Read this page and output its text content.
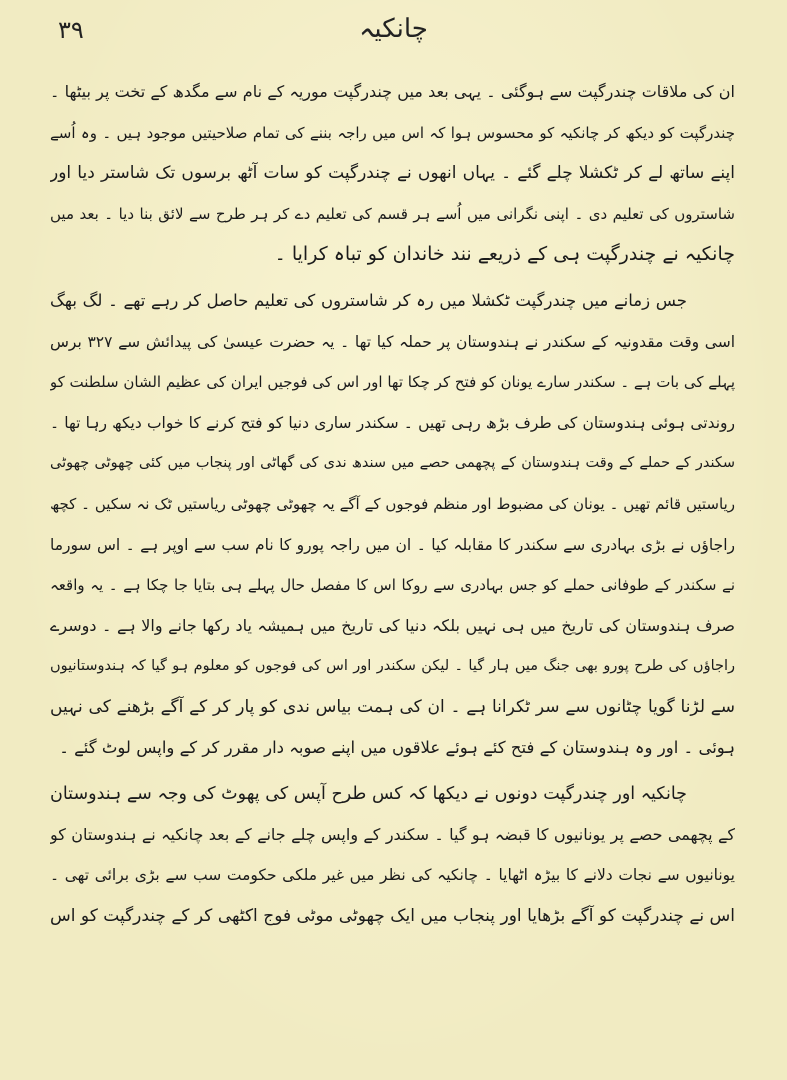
۳۹	چانکیہ
ان کی ملاقات چندرگپت سے ہوگئی ۔ یہی بعد میں چندرگپت موریہ کے نام سے مگدھ کے تخت پر بیٹھا ۔
چندرگپت کو دیکھ کر چانکیہ کو محسوس ہوا کہ اس میں راجہ بننے کی تمام صلاحیتیں موجود ہیں ۔ وہ اُسے
اپنے ساتھ لے کر ٹکشلا چلے گئے ۔ یہاں انھوں نے چندرگپت کو سات آٹھ برسوں تک شاستر دیا اور
شاستروں کی تعلیم دی ۔ اپنی نگرانی میں اُسے ہر قسم کی تعلیم دے کر ہر طرح سے لائق بنا دیا ۔ بعد میں
چانکیہ نے چندرگپت ہی کے ذریعے نند خاندان کو تباہ کرایا ۔
جس زمانے میں چندرگپت ٹکشلا میں رہ کر شاستروں کی تعلیم حاصل کر رہے تھے ۔ لگ بھگ
اسی وقت مقدونیہ کے سکندر نے ہندوستان پر حملہ کیا تھا ۔ یہ حضرت عیسیٰ کی پیدائش سے ۳۲۷ برس
پہلے کی بات ہے ۔ سکندر سارے یونان کو فتح کر چکا تھا اور اس کی فوجیں ایران کی عظیم الشان سلطنت کو
روندتی ہوئی ہندوستان کی طرف بڑھ رہی تھیں ۔ سکندر ساری دنیا کو فتح کرنے کا خواب دیکھ رہا تھا ۔
سکندر کے حملے کے وقت ہندوستان کے پچھمی حصے میں سندھ ندی کی گھاٹی اور پنجاب میں کئی چھوٹی چھوٹی
ریاستیں قائم تھیں ۔ یونان کی مضبوط اور منظم فوجوں کے آگے یہ چھوٹی چھوٹی ریاستیں ٹک نہ سکیں ۔ کچھ
راجاؤں نے بڑی بہادری سے سکندر کا مقابلہ کیا ۔ ان میں راجہ پورو کا نام سب سے اوپر ہے ۔ اس سورما
نے سکندر کے طوفانی حملے کو جس بہادری سے روکا اس کا مفصل حال پہلے ہی بتایا جا چکا ہے ۔ یہ واقعہ
صرف ہندوستان کی تاریخ میں ہی نہیں بلکہ دنیا کی تاریخ میں ہمیشہ یاد رکھا جانے والا ہے ۔ دوسرے
راجاؤں کی طرح پورو بھی جنگ میں ہار گیا ۔ لیکن سکندر اور اس کی فوجوں کو معلوم ہو گیا کہ ہندوستانیوں
سے لڑنا گویا چٹانوں سے سر ٹکرانا ہے ۔ ان کی ہمت بیاس ندی کو پار کر کے آگے بڑھنے کی نہیں
ہوئی ۔ اور وہ ہندوستان کے فتح کئے ہوئے علاقوں میں اپنے صوبہ دار مقرر کر کے واپس لوٹ گئے ۔
چانکیہ اور چندرگپت دونوں نے دیکھا کہ کس طرح آپس کی پھوٹ کی وجہ سے ہندوستان
کے پچھمی حصے پر یونانیوں کا قبضہ ہو گیا ۔ سکندر کے واپس چلے جانے کے بعد چانکیہ نے ہندوستان کو
یونانیوں سے نجات دلانے کا بیڑہ اٹھایا ۔ چانکیہ کی نظر میں غیر ملکی حکومت سب سے بڑی برائی تھی ۔
اس نے چندرگپت کو آگے بڑھایا اور پنجاب میں ایک چھوٹی موٹی فوج اکٹھی کر کے چندرگپت کو اس
